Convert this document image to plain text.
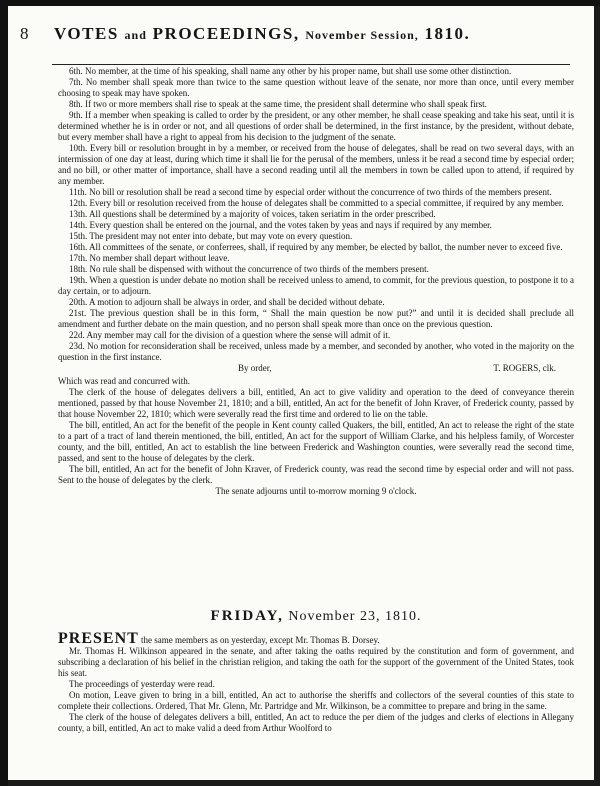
8 VOTES and PROCEEDINGS, November Session, 1810.

6th. No member, at the time of his speaking, shall name any other by his proper name, but shall use some other distinction.

7th. No member shall speak more than twice to the same question without leave of the senate, nor more than once, until every member choosing to speak may have spoken.

8th. If two or more members shall rise to speak at the same time, the president shall determine who shall speak first.

9th. If a member when speaking is called to order by the president, or any other member, he shall cease speaking and take his seat, until it is determined whether he is in order or not, and all questions of order shall be determined, in the first instance, by the president, without debate, but every member shall have a right to appeal from his decision to the judgment of the senate.

10th. Every bill or resolution brought in by a member, or received from the house of delegates, shall be read on two several days, with an intermission of one day at least, during which time it shall lie for the perusal of the members, unless it be read a second time by especial order; and no bill, or other matter of importance, shall have a second reading until all the members in town be called upon to attend, if required by any member.

11th. No bill or resolution shall be read a second time by especial order without the concurrence of two thirds of the members present.

12th. Every bill or resolution received from the house of delegates shall be committed to a special committee, if required by any member.

13th. All questions shall be determined by a majority of voices, taken seriatim in the order prescribed.

14th. Every question shall be entered on the journal, and the votes taken by yeas and nays if required by any member.

15th. The president may not enter into debate, but may vote on every question.

16th. All committees of the senate, or conferrees, shall, if required by any member, be elected by ballot, the number never to exceed five.

17th. No member shall depart without leave.

18th. No rule shall be dispensed with without the concurrence of two thirds of the members present.

19th. When a question is under debate no motion shall be received unless to amend, to commit, for the previous question, to postpone it to a day certain, or to adjourn.

20th. A motion to adjourn shall be always in order, and shall be decided without debate.

21st. The previous question shall be in this form, “ Shall the main question be now put?” and until it is decided shall preclude all amendment and further debate on the main question, and no person shall speak more than once on the previous question.

22d. Any member may call for the division of a question where the sense will admit of it.

23d. No motion for reconsideration shall be received, unless made by a member, and seconded by another, who voted in the majority on the question in the first instance.

By order,	T. ROGERS, clk.

Which was read and concurred with.

The clerk of the house of delegates delivers a bill, entitled, An act to give validity and operation to the deed of conveyance therein mentioned, passed by that house November 21, 1810; and a bill, entitled, An act for the benefit of John Kraver, of Frederick county, passed by that house November 22, 1810; which were severally read the first time and ordered to lie on the table.

The bill, entitled, An act for the benefit of the people in Kent county called Quakers, the bill, entitled, An act to release the right of the state to a part of a tract of land therein mentioned, the bill, entitled, An act for the support of William Clarke, and his helpless family, of Worcester county, and the bill, entitled, An act to establish the line between Frederick and Washington counties, were severally read the second time, passed, and sent to the house of delegates by the clerk.

The bill, entitled, An act for the benefit of John Kraver, of Frederick county, was read the second time by especial order and will not pass. Sent to the house of delegates by the clerk.

The senate adjourns until to-morrow morning 9 o'clock.

FRIDAY, November 23, 1810.

PRESENT the same members as on yesterday, except Mr. Thomas B. Dorsey.

Mr. Thomas H. Wilkinson appeared in the senate, and after taking the oaths required by the constitution and form of government, and subscribing a declaration of his belief in the christian religion, and taking the oath for the support of the government of the United States, took his seat.

The proceedings of yesterday were read.

On motion, Leave given to bring in a bill, entitled, An act to authorise the sheriffs and collectors of the several counties of this state to complete their collections. Ordered, That Mr. Glenn, Mr. Partridge and Mr. Wilkinson, be a committee to prepare and bring in the same.

The clerk of the house of delegates delivers a bill, entitled, An act to reduce the per diem of the judges and clerks of elections in Allegany county, a bill, entitled, An act to make valid a deed from Arthur Woolford to
